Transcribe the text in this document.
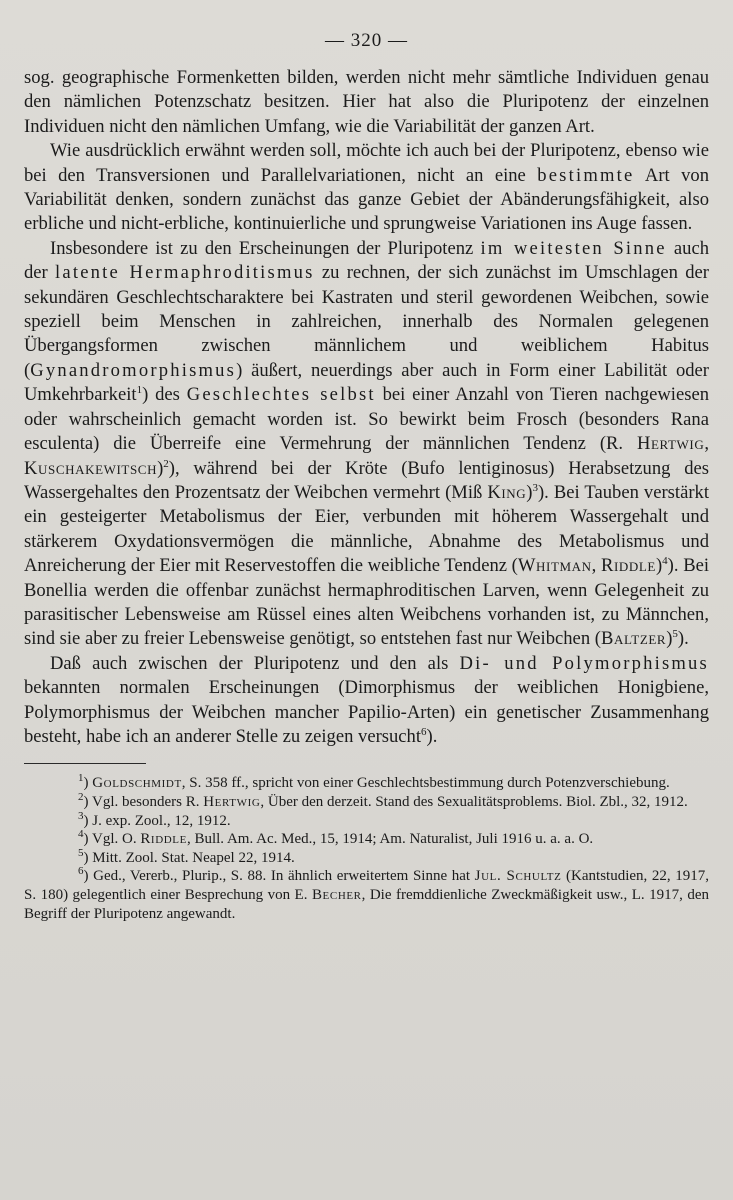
— 320 —

sog. geographische Formenketten bilden, werden nicht mehr sämtliche Individuen genau den nämlichen Potenzschatz besitzen. Hier hat also die Pluripotenz der einzelnen Individuen nicht den nämlichen Umfang, wie die Variabilität der ganzen Art.

Wie ausdrücklich erwähnt werden soll, möchte ich auch bei der Pluripotenz, ebenso wie bei den Transversionen und Parallelvariationen, nicht an eine bestimmte Art von Variabilität denken, sondern zunächst das ganze Gebiet der Abänderungsfähigkeit, also erbliche und nicht-erbliche, kontinuierliche und sprungweise Variationen ins Auge fassen.

Insbesondere ist zu den Erscheinungen der Pluripotenz im weitesten Sinne auch der latente Hermaphroditismus zu rechnen, der sich zunächst im Umschlagen der sekundären Geschlechtscharaktere bei Kastraten und steril gewordenen Weibchen, sowie speziell beim Menschen in zahlreichen, innerhalb des Normalen gelegenen Übergangsformen zwischen männlichem und weiblichem Habitus (Gynandromorphismus) äußert, neuerdings aber auch in Form einer Labilität oder Umkehrbarkeit$^1$) des Geschlechtes selbst bei einer Anzahl von Tieren nachgewiesen oder wahrscheinlich gemacht worden ist. So bewirkt beim Frosch (besonders Rana esculenta) die Überreife eine Vermehrung der männlichen Tendenz (R. Hertwig, Kuschakewitsch)$^2$), während bei der Kröte (Bufo lentiginosus) Herabsetzung des Wassergehaltes den Prozentsatz der Weibchen vermehrt (Miß King)$^3$). Bei Tauben verstärkt ein gesteigerter Metabolismus der Eier, verbunden mit höherem Wassergehalt und stärkerem Oxydationsvermögen die männliche, Abnahme des Metabolismus und Anreicherung der Eier mit Reservestoffen die weibliche Tendenz (Whitman, Riddle)$^4$). Bei Bonellia werden die offenbar zunächst hermaphroditischen Larven, wenn Gelegenheit zu parasitischer Lebensweise am Rüssel eines alten Weibchens vorhanden ist, zu Männchen, sind sie aber zu freier Lebensweise genötigt, so entstehen fast nur Weibchen (Baltzer)$^5$).

Daß auch zwischen der Pluripotenz und den als Di- und Polymorphismus bekannten normalen Erscheinungen (Dimorphismus der weiblichen Honigbiene, Polymorphismus der Weibchen mancher Papilio-Arten) ein genetischer Zusammenhang besteht, habe ich an anderer Stelle zu zeigen versucht$^6$).

$^1$) Goldschmidt, S. 358 ff., spricht von einer Geschlechtsbestimmung durch Potenzverschiebung.

$^2$) Vgl. besonders R. Hertwig, Über den derzeit. Stand des Sexualitätsproblems. Biol. Zbl., 32, 1912.

$^3$) J. exp. Zool., 12, 1912.

$^4$) Vgl. O. Riddle, Bull. Am. Ac. Med., 15, 1914; Am. Naturalist, Juli 1916 u. a. a. O.

$^5$) Mitt. Zool. Stat. Neapel 22, 1914.

$^6$) Ged., Vererb., Plurip., S. 88. In ähnlich erweitertem Sinne hat Jul. Schultz (Kantstudien, 22, 1917, S. 180) gelegentlich einer Besprechung von E. Becher, Die fremddienliche Zweckmäßigkeit usw., L. 1917, den Begriff der Pluripotenz angewandt.
